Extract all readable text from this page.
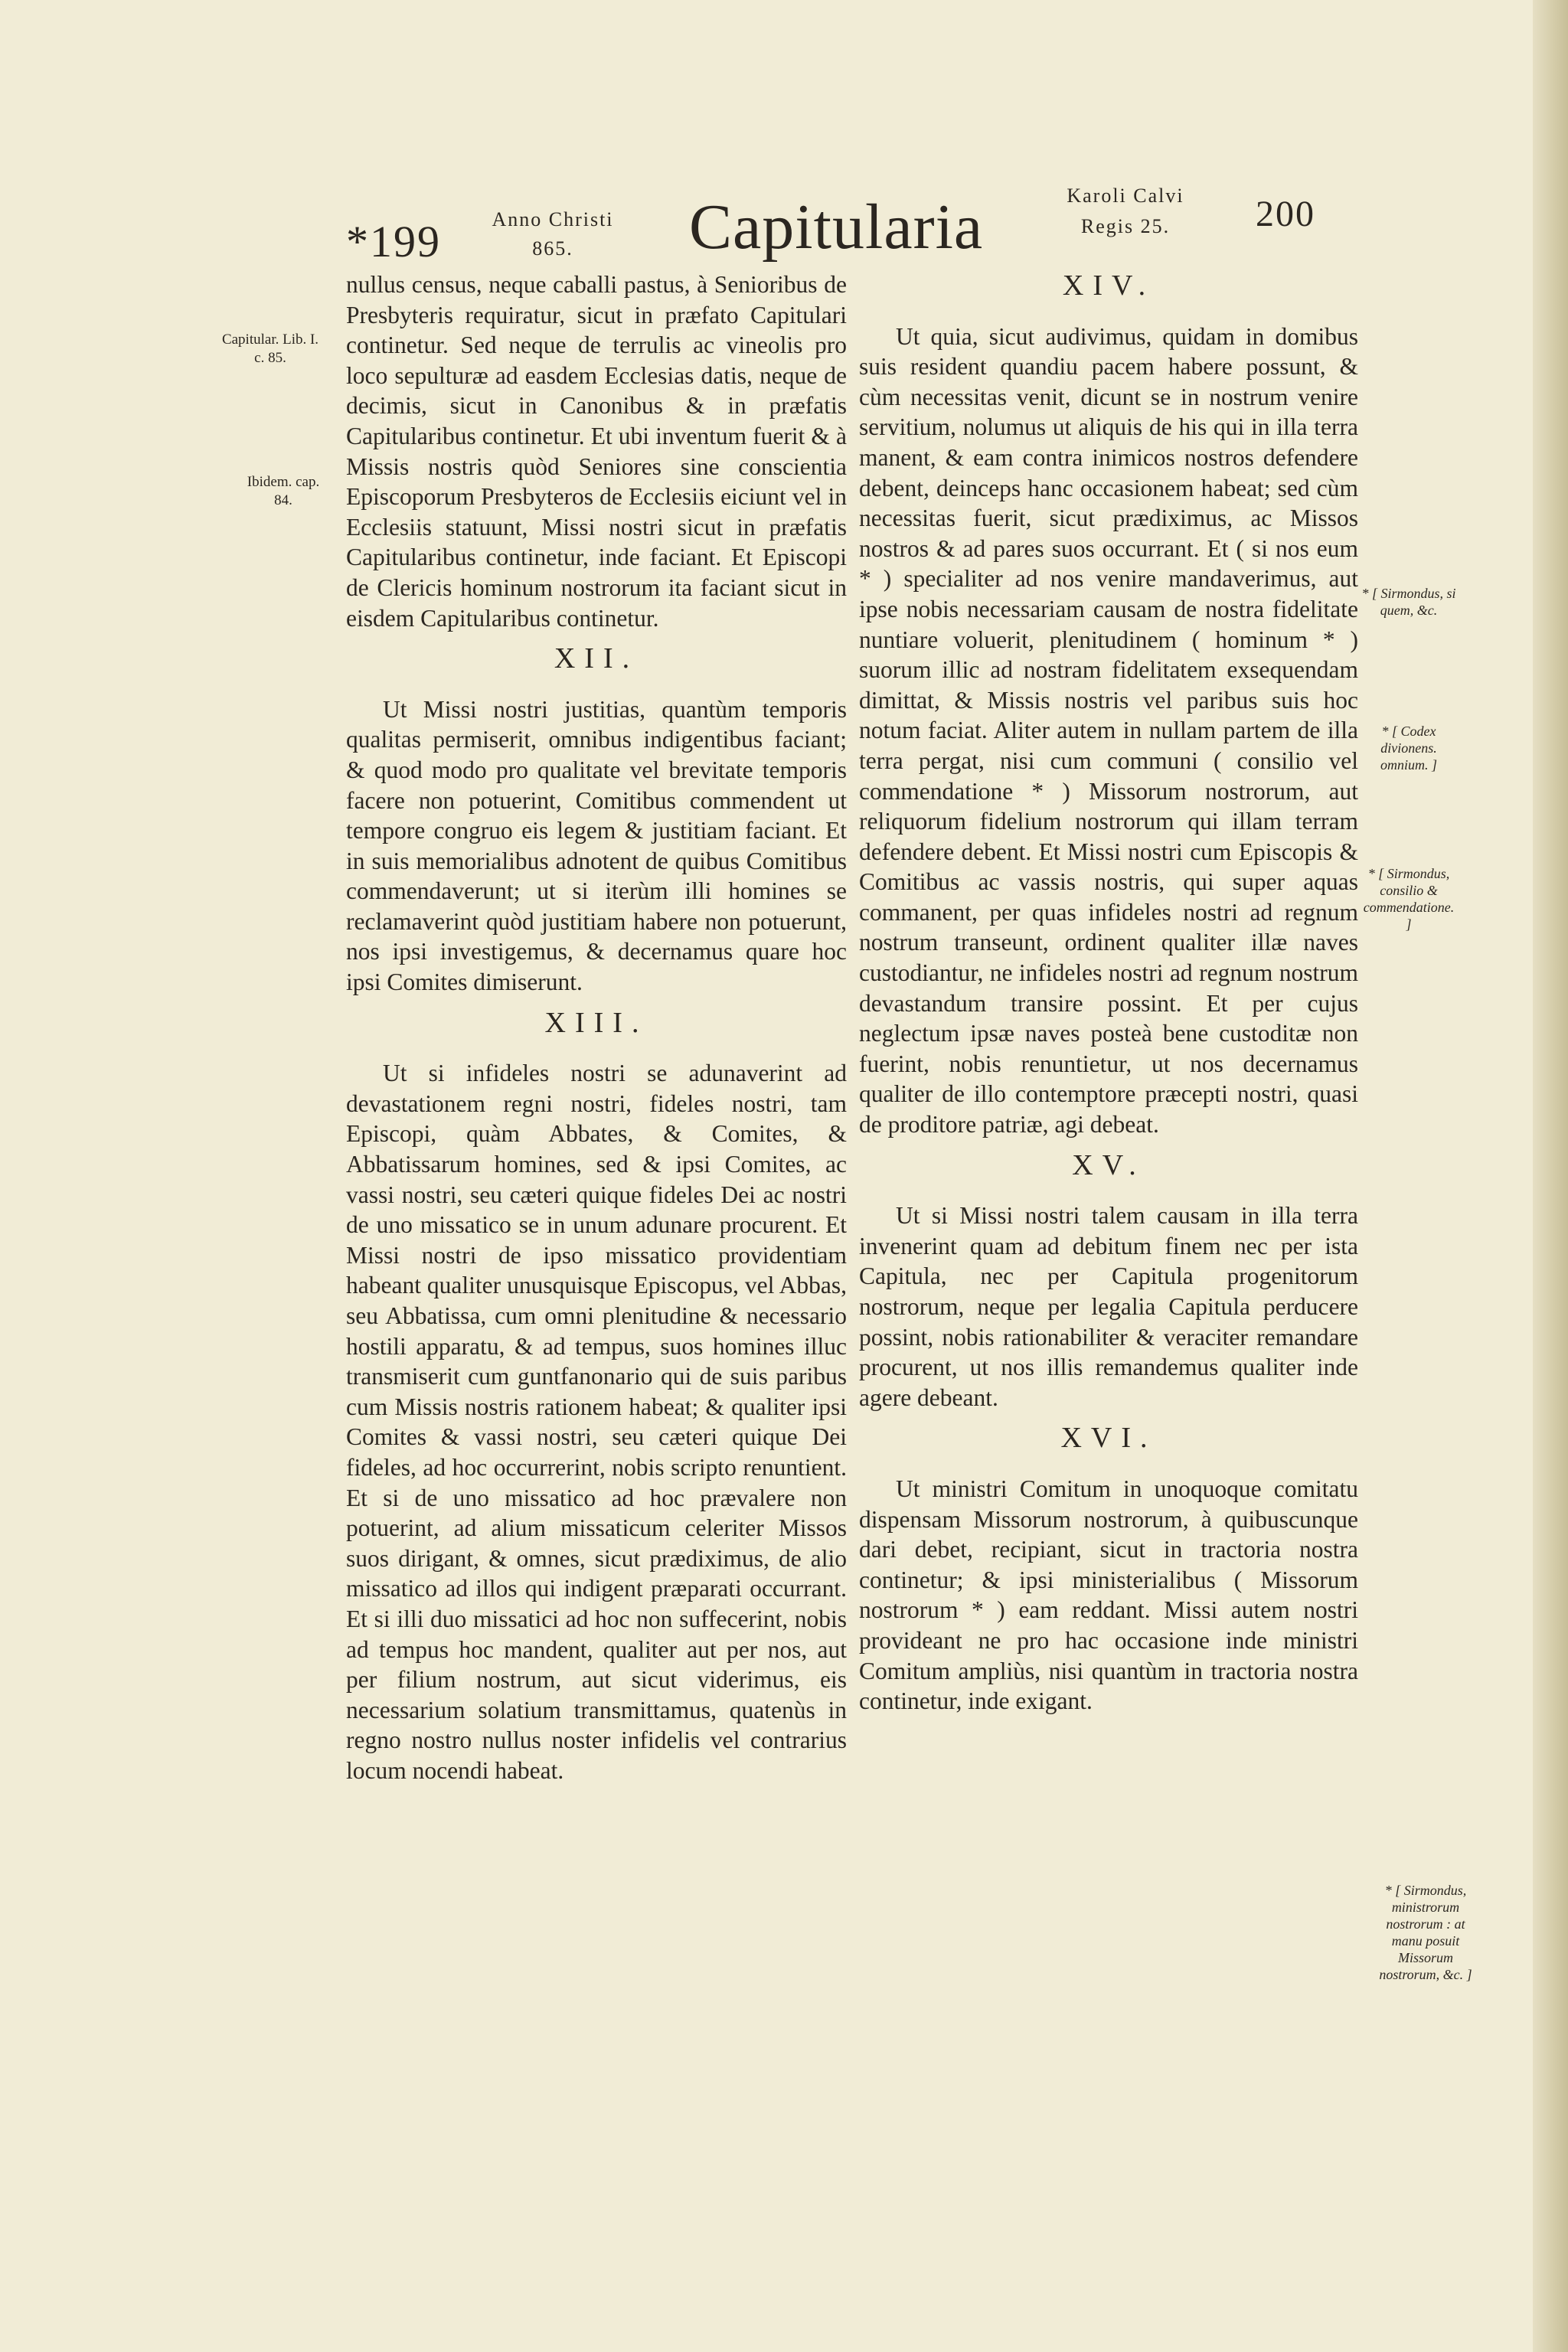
*199	Anno Christi
865.	Capitularia	Karoli Calvi
Regis 25.	200
Capitular. Lib. I. c. 85.
Ibidem. cap. 84.

nullus census, neque caballi pastus, à Senioribus de Presbyteris requiratur, sicut in præfato Capitulari continetur. Sed neque de terrulis ac vineolis pro loco sepulturæ ad easdem Ecclesias datis, neque de decimis, sicut in Canonibus & in præfatis Capitularibus continetur. Et ubi inventum fuerit & à Missis nostris quòd Seniores sine conscientia Episcoporum Presbyteros de Ecclesiis eiciunt vel in Ecclesiis statuunt, Missi nostri sicut in præfatis Capitularibus continetur, inde faciant. Et Episcopi de Clericis hominum nostrorum ita faciant sicut in eisdem Capitularibus continetur.

XII.

Ut Missi nostri justitias, quantùm temporis qualitas permiserit, omnibus indigentibus faciant; & quod modo pro qualitate vel brevitate temporis facere non potuerint, Comitibus commendent ut tempore congruo eis legem & justitiam faciant. Et in suis memorialibus adnotent de quibus Comitibus commendaverunt; ut si iterùm illi homines se reclamaverint quòd justitiam habere non potuerunt, nos ipsi investigemus, & decernamus quare hoc ipsi Comites dimiserunt.

XIII.

Ut si infideles nostri se adunaverint ad devastationem regni nostri, fideles nostri, tam Episcopi, quàm Abbates, & Comites, & Abbatissarum homines, sed & ipsi Comites, ac vassi nostri, seu cæteri quique fideles Dei ac nostri de uno missatico se in unum adunare procurent. Et Missi nostri de ipso missatico providentiam habeant qualiter unusquisque Episcopus, vel Abbas, seu Abbatissa, cum omni plenitudine & necessario hostili apparatu, & ad tempus, suos homines illuc transmiserit cum guntfanonario qui de suis paribus cum Missis nostris rationem habeat; & qualiter ipsi Comites & vassi nostri, seu cæteri quique Dei fideles, ad hoc occurrerint, nobis scripto renuntient. Et si de uno missatico ad hoc prævalere non potuerint, ad alium missaticum celeriter Missos suos dirigant, & omnes, sicut prædiximus, de alio missatico ad illos qui indigent præparati occurrant. Et si illi duo missatici ad hoc non suffecerint, nobis ad tempus hoc mandent, qualiter aut per nos, aut per filium nostrum, aut sicut viderimus, eis necessarium solatium transmittamus, quatenùs in regno nostro nullus noster infidelis vel contrarius locum nocendi habeat.

XIV.

Ut quia, sicut audivimus, quidam in domibus suis resident quandiu pacem habere possunt, & cùm necessitas venit, dicunt se in nostrum venire servitium, nolumus ut aliquis de his qui in illa terra manent, & eam contra inimicos nostros defendere debent, deinceps hanc occasionem habeat; sed cùm necessitas fuerit, sicut prædiximus, ac Missos nostros & ad pares suos occurrant. Et ( si nos eum * ) specialiter ad nos venire mandaverimus, aut ipse nobis necessariam causam de nostra fidelitate nuntiare voluerit, plenitudinem ( hominum * ) suorum illic ad nostram fidelitatem exsequendam dimittat, & Missis nostris vel paribus suis hoc notum faciat. Aliter autem in nullam partem de illa terra pergat, nisi cum communi ( consilio vel commendatione * ) Missorum nostrorum, aut reliquorum fidelium nostrorum qui illam terram defendere debent. Et Missi nostri cum Episcopis & Comitibus ac vassis nostris, qui super aquas commanent, per quas infideles nostri ad regnum nostrum transeunt, ordinent qualiter illæ naves custodiantur, ne infideles nostri ad regnum nostrum devastandum transire possint. Et per cujus neglectum ipsæ naves posteà bene custoditæ non fuerint, nobis renuntietur, ut nos decernamus qualiter de illo contemptore præcepti nostri, quasi de proditore patriæ, agi debeat.

XV.

Ut si Missi nostri talem causam in illa terra invenerint quam ad debitum finem nec per ista Capitula, nec per Capitula progenitorum nostrorum, neque per legalia Capitula perducere possint, nobis rationabiliter & veraciter remandare procurent, ut nos illis remandemus qualiter inde agere debeant.

XVI.

Ut ministri Comitum in unoquoque comitatu dispensam Missorum nostrorum, à quibuscunque dari debet, recipiant, sicut in tractoria nostra continetur; & ipsi ministerialibus ( Missorum nostrorum * ) eam reddant. Missi autem nostri provideant ne pro hac occasione inde ministri Comitum ampliùs, nisi quantùm in tractoria nostra continetur, inde exigant.

* [ Sirmondus, si quem, &c.
* [ Codex divionens. omnium. ]
* [ Sirmondus, consilio & commendatione. ]
* [ Sirmondus, ministrorum nostrorum : at manu posuit Missorum nostrorum, &c. ]
